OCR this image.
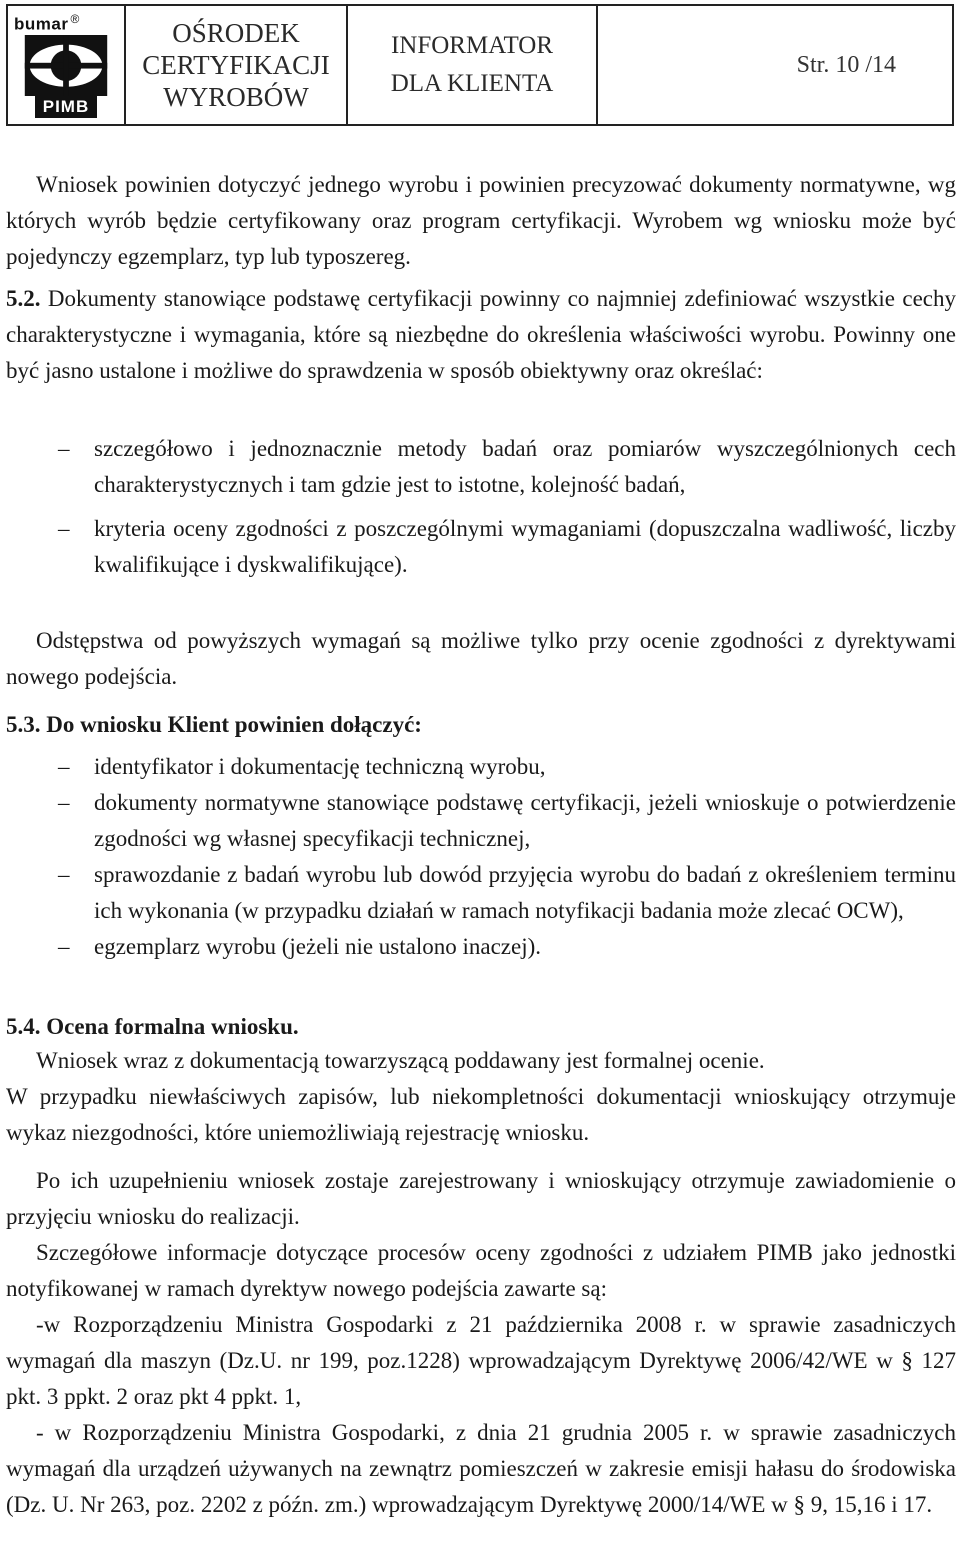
bumar ®
PIMB
OŚRODEK
CERTYFIKACJI
WYROBÓW
INFORMATOR
DLA KLIENTA
Str. 10 /14

Wniosek powinien dotyczyć jednego wyrobu i powinien precyzować dokumenty normatywne, wg których wyrób będzie certyfikowany oraz program certyfikacji. Wyrobem wg wniosku może być pojedynczy egzemplarz, typ lub typoszereg.

5.2. Dokumenty stanowiące podstawę certyfikacji powinny co najmniej zdefiniować wszystkie cechy charakterystyczne i wymagania, które są niezbędne do określenia właściwości wyrobu. Powinny one być jasno ustalone i możliwe do sprawdzenia w sposób obiektywny oraz określać:

– szczegółowo i jednoznacznie metody badań oraz pomiarów wyszczególnionych cech charakterystycznych i tam gdzie jest to istotne, kolejność badań,
– kryteria oceny zgodności z poszczególnymi wymaganiami (dopuszczalna wadliwość, liczby kwalifikujące i dyskwalifikujące).

Odstępstwa od powyższych wymagań są możliwe tylko przy ocenie zgodności z dyrektywami nowego podejścia.

5.3. Do wniosku Klient powinien dołączyć:

– identyfikator i dokumentację techniczną wyrobu,
– dokumenty normatywne stanowiące podstawę certyfikacji, jeżeli wnioskuje o potwierdzenie zgodności wg własnej specyfikacji technicznej,
– sprawozdanie z badań wyrobu lub dowód przyjęcia wyrobu do badań z określeniem terminu ich wykonania (w przypadku działań w ramach notyfikacji badania może zlecać OCW),
– egzemplarz wyrobu (jeżeli nie ustalono inaczej).

5.4. Ocena formalna wniosku.

Wniosek wraz z dokumentacją towarzyszącą poddawany jest formalnej ocenie.

W przypadku niewłaściwych zapisów, lub niekompletności dokumentacji wnioskujący otrzymuje wykaz niezgodności, które uniemożliwiają rejestrację wniosku.

Po ich uzupełnieniu wniosek zostaje zarejestrowany i wnioskujący otrzymuje zawiadomienie o przyjęciu wniosku do realizacji.

Szczegółowe informacje dotyczące procesów oceny zgodności z udziałem PIMB jako jednostki notyfikowanej w ramach dyrektyw nowego podejścia zawarte są:

-w Rozporządzeniu Ministra Gospodarki z 21 października 2008 r. w sprawie zasadniczych wymagań dla maszyn (Dz.U. nr 199, poz.1228) wprowadzającym Dyrektywę 2006/42/WE w § 127 pkt. 3 ppkt. 2 oraz pkt 4 ppkt. 1,

- w Rozporządzeniu Ministra Gospodarki, z dnia 21 grudnia 2005 r. w sprawie zasadniczych wymagań dla urządzeń używanych na zewnątrz pomieszczeń w zakresie emisji hałasu do środowiska (Dz. U. Nr 263, poz. 2202 z późn. zm.) wprowadzającym Dyrektywę 2000/14/WE w § 9, 15,16 i 17.
